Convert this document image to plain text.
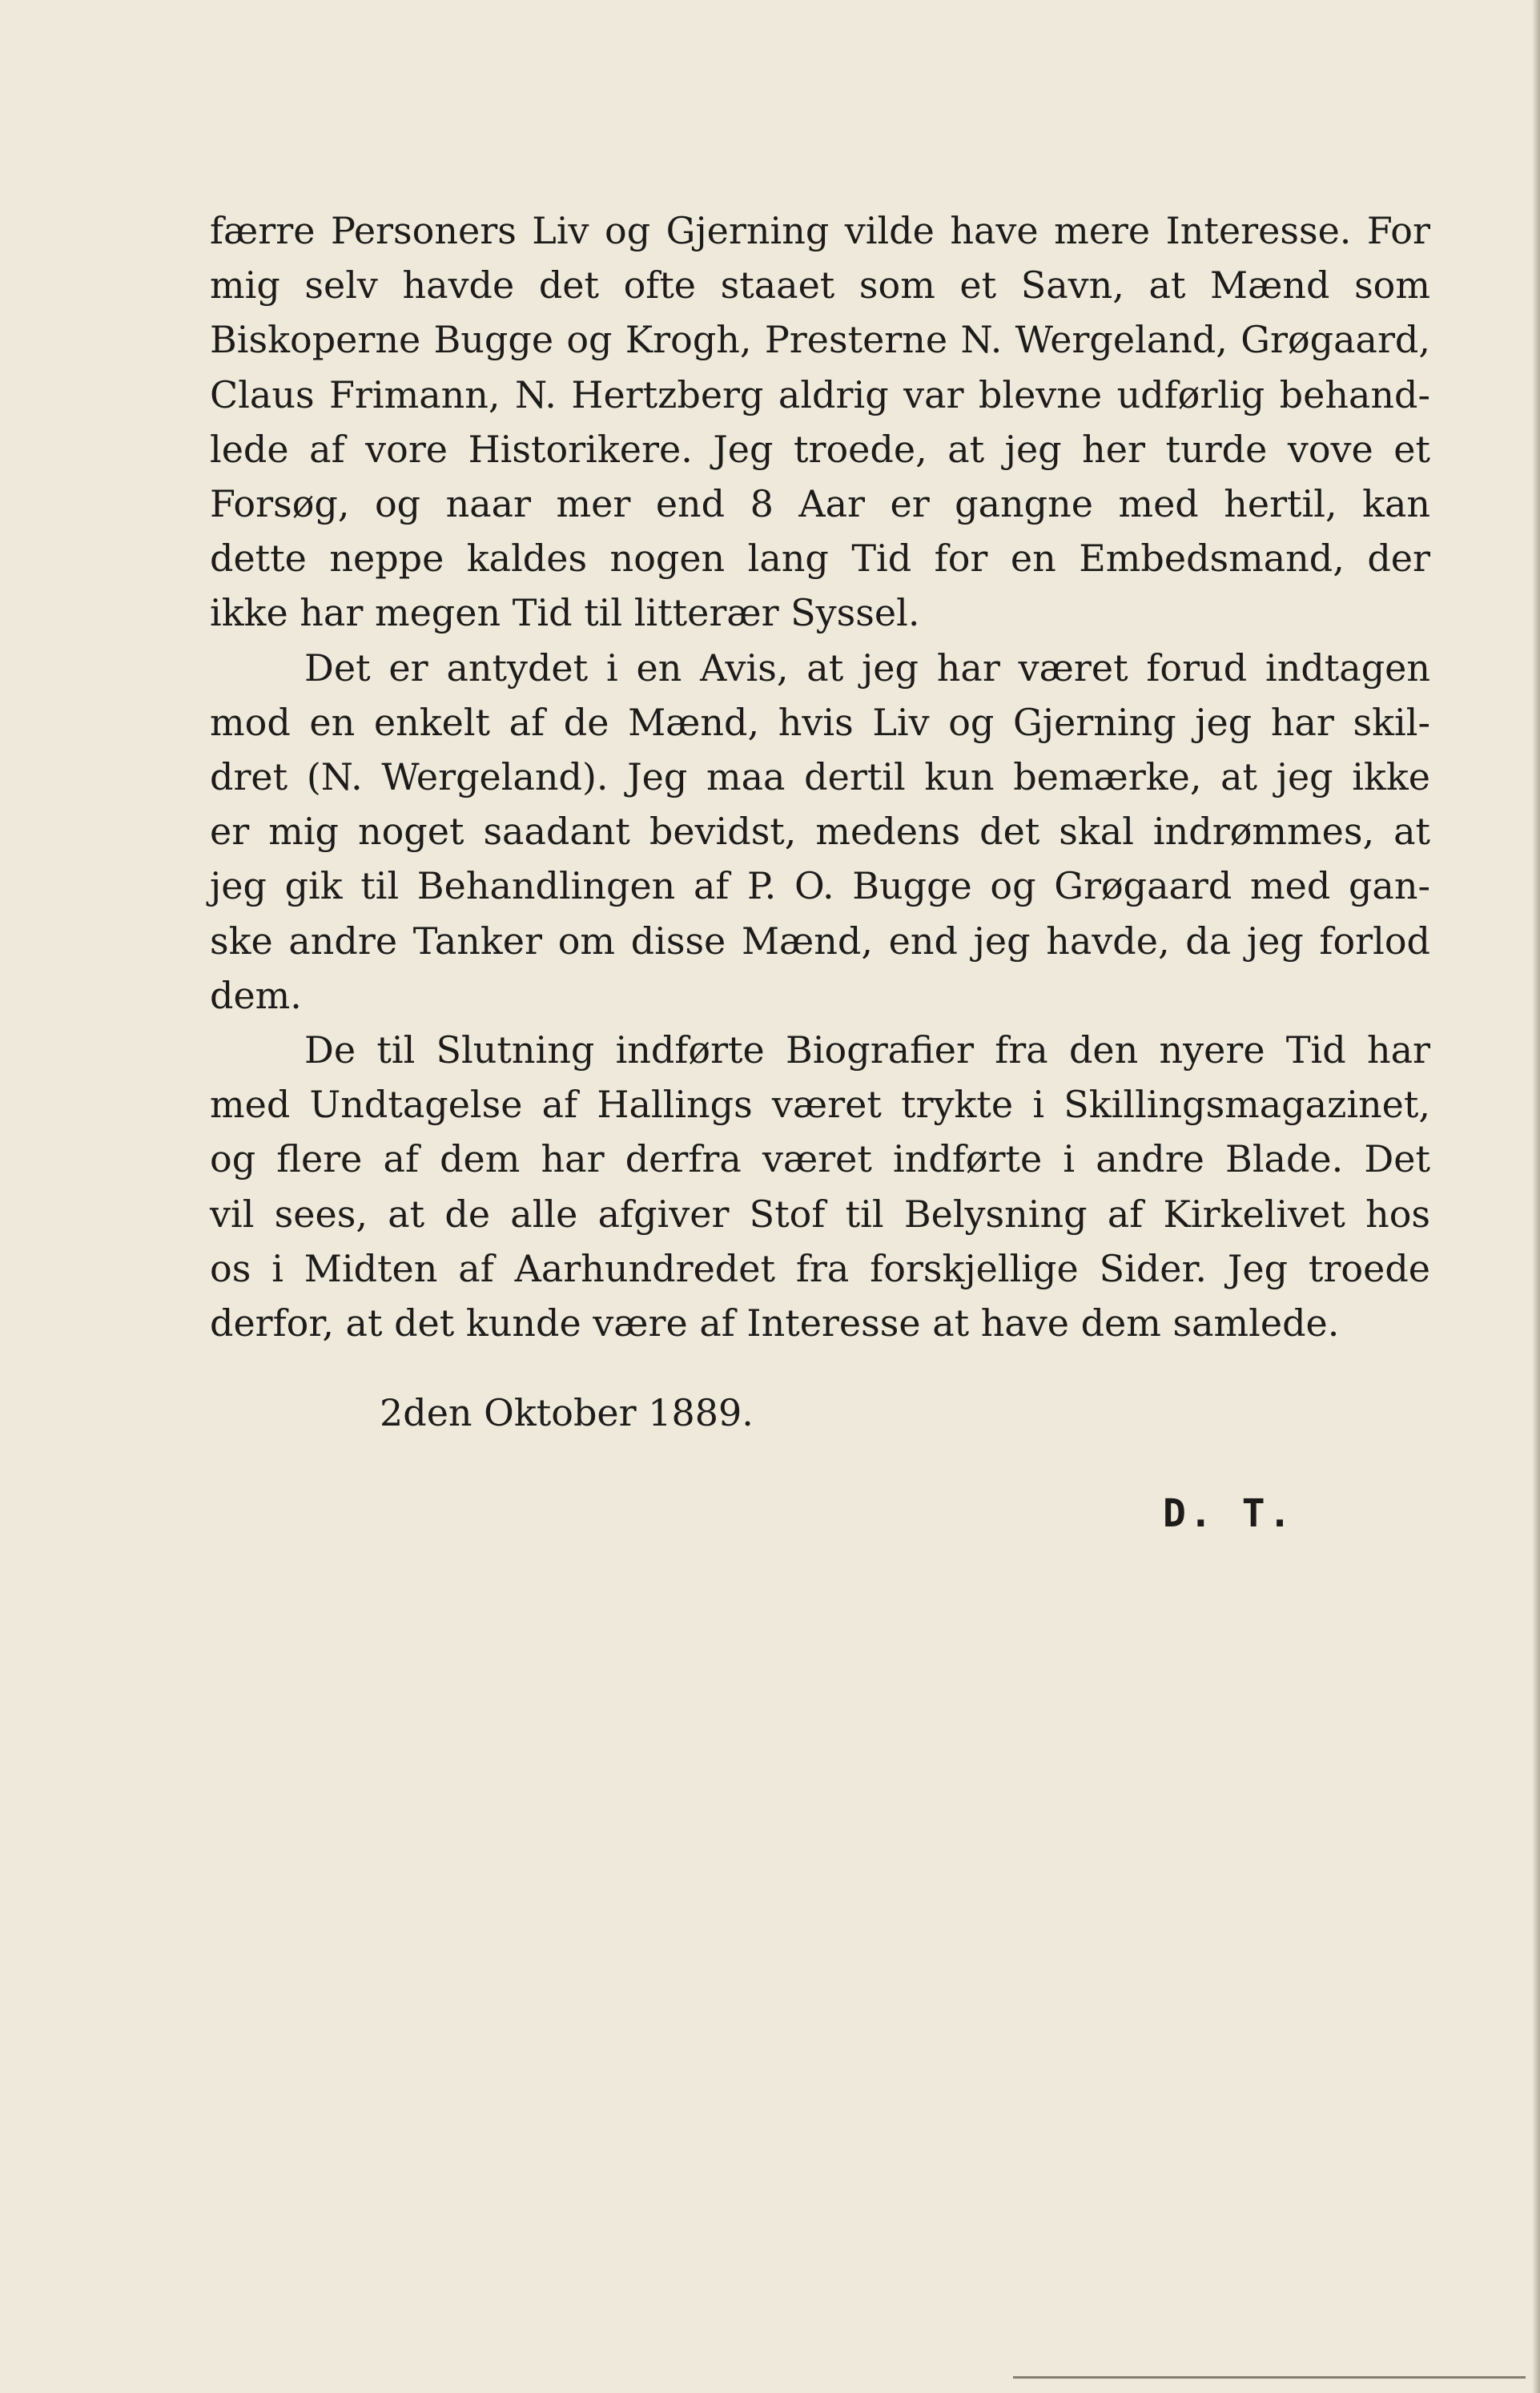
færre Personers Liv og Gjerning vilde have mere Interesse. For
mig selv havde det ofte staaet som et Savn, at Mænd som
Biskoperne Bugge og Krogh, Presterne N. Wergeland, Grøgaard,
Claus Frimann, N. Hertzberg aldrig var blevne udførlig behand-
lede af vore Historikere. Jeg troede, at jeg her turde vove et
Forsøg, og naar mer end 8 Aar er gangne med hertil, kan
dette neppe kaldes nogen lang Tid for en Embedsmand, der
ikke har megen Tid til litterær Syssel.
Det er antydet i en Avis, at jeg har været forud indtagen
mod en enkelt af de Mænd, hvis Liv og Gjerning jeg har skil-
dret (N. Wergeland). Jeg maa dertil kun bemærke, at jeg ikke
er mig noget saadant bevidst, medens det skal indrømmes, at
jeg gik til Behandlingen af P. O. Bugge og Grøgaard med gan-
ske andre Tanker om disse Mænd, end jeg havde, da jeg forlod
dem.
De til Slutning indførte Biografier fra den nyere Tid har
med Undtagelse af Hallings været trykte i Skillingsmagazinet,
og flere af dem har derfra været indførte i andre Blade. Det
vil sees, at de alle afgiver Stof til Belysning af Kirkelivet hos
os i Midten af Aarhundredet fra forskjellige Sider. Jeg troede
derfor, at det kunde være af Interesse at have dem samlede.
2den Oktober 1889.
D. T.
